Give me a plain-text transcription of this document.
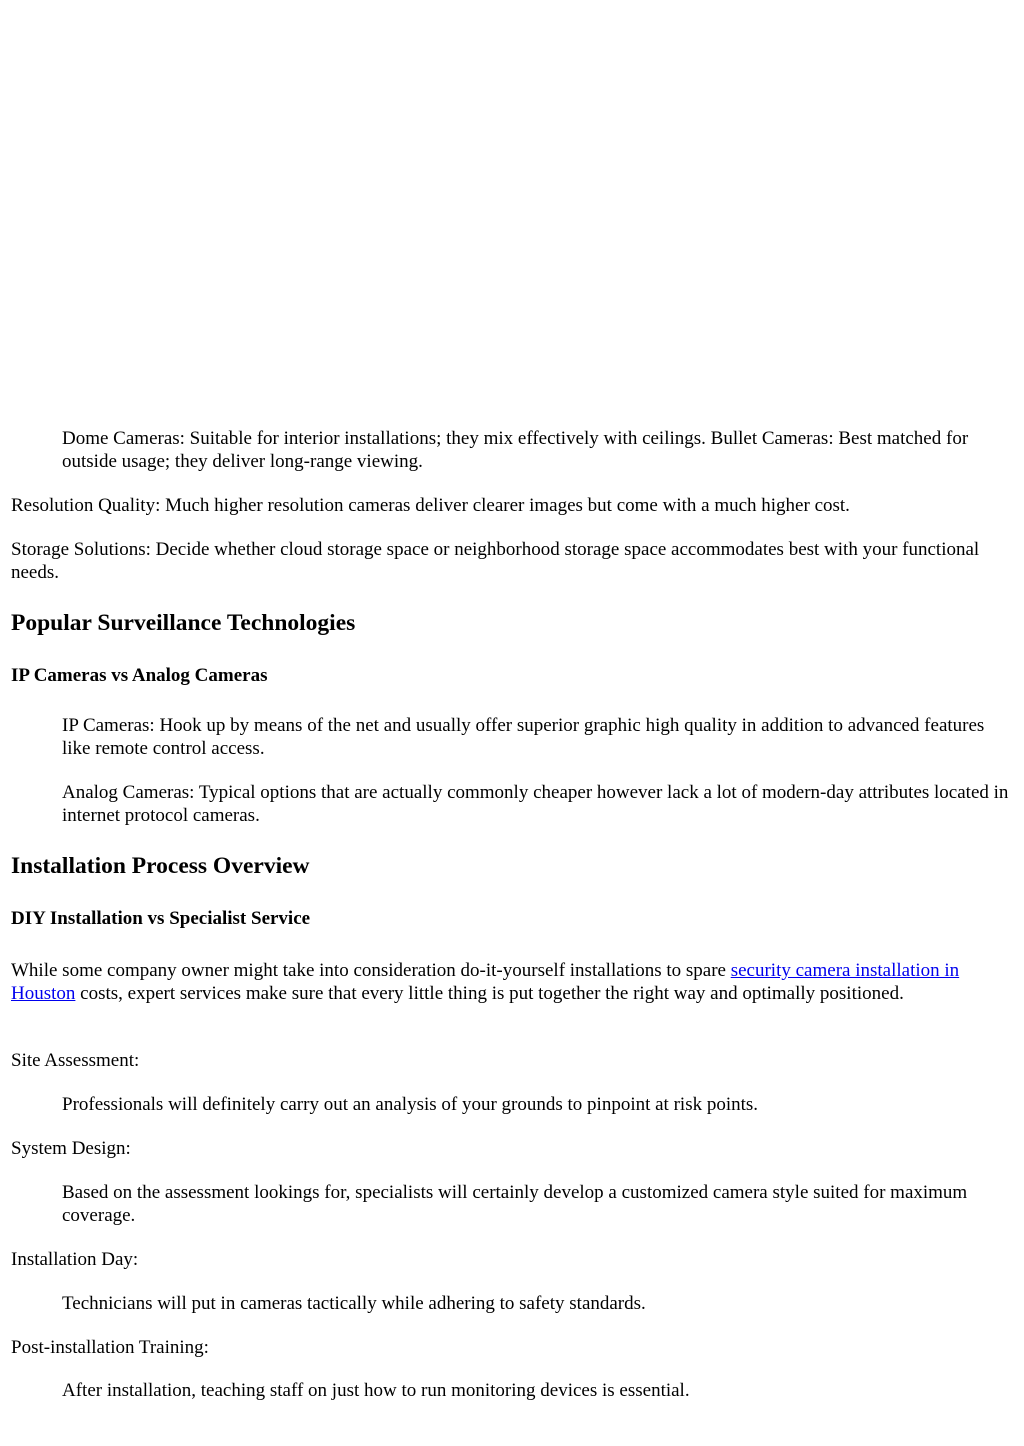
Dome Cameras: Suitable for interior installations; they mix effectively with ceilings. Bullet Cameras: Best matched for outside usage; they deliver long-range viewing.

Resolution Quality: Much higher resolution cameras deliver clearer images but come with a much higher cost.

Storage Solutions: Decide whether cloud storage space or neighborhood storage space accommodates best with your functional needs.

Popular Surveillance Technologies
IP Cameras vs Analog Cameras

IP Cameras: Hook up by means of the net and usually offer superior graphic high quality in addition to advanced features like remote control access.

Analog Cameras: Typical options that are actually commonly cheaper however lack a lot of modern-day attributes located in internet protocol cameras.

Installation Process Overview
DIY Installation vs Specialist Service

While some company owner might take into consideration do-it-yourself installations to spare security camera installation in Houston costs, expert services make sure that every little thing is put together the right way and optimally positioned.

Site Assessment:

Professionals will definitely carry out an analysis of your grounds to pinpoint at risk points.

System Design:

Based on the assessment lookings for, specialists will certainly develop a customized camera style suited for maximum coverage.

Installation Day:

Technicians will put in cameras tactically while adhering to safety standards.

Post-installation Training:

After installation, teaching staff on just how to run monitoring devices is essential.
